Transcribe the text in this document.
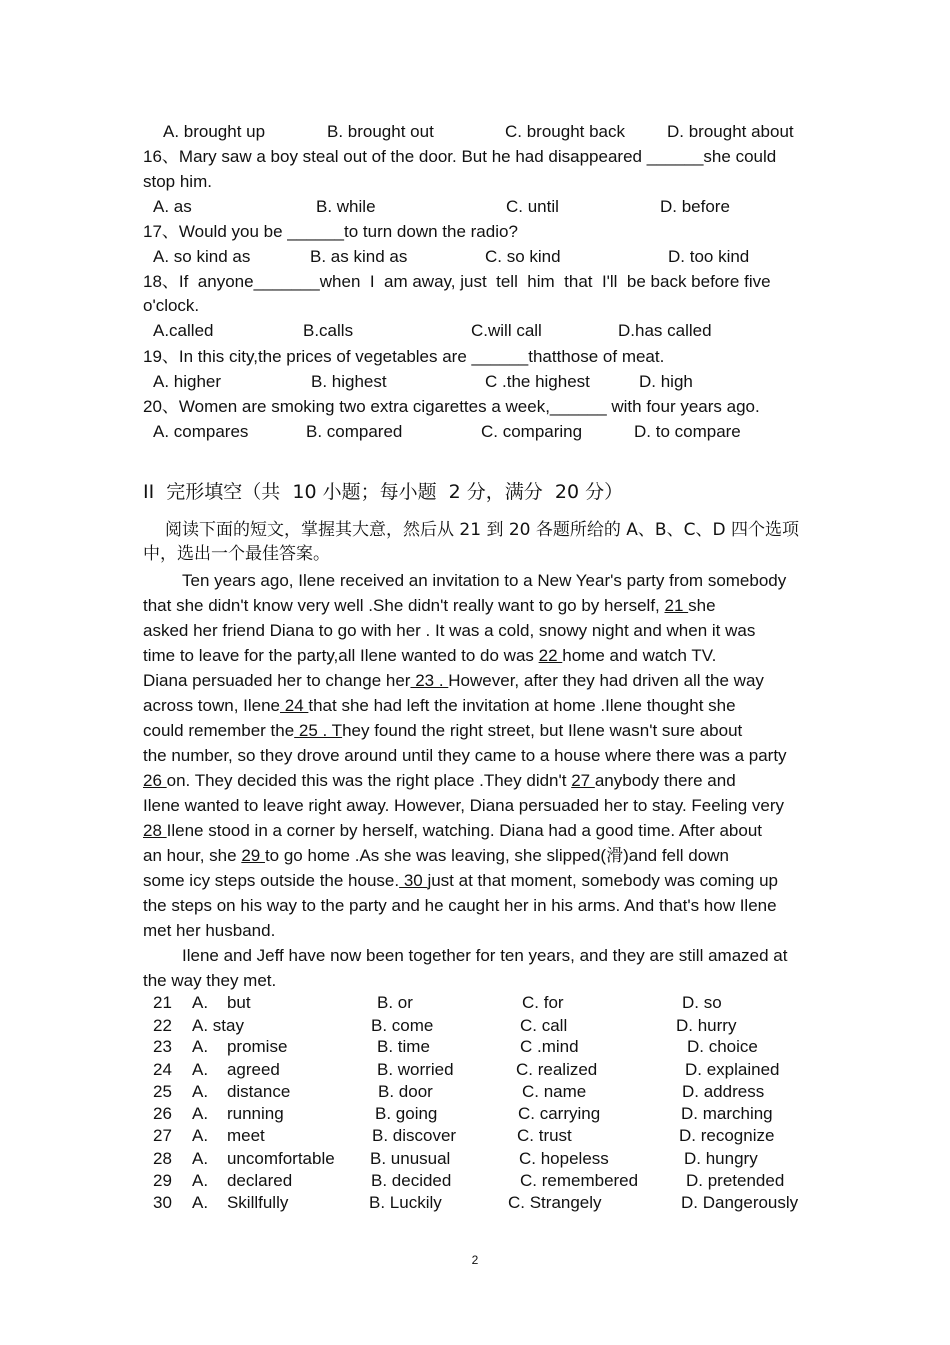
A. brought up	B. brought out	C. brought back D. brought about
16、Mary saw a boy steal out of the door. But he had disappeared ______she could
stop him.
A. as	B. while	C. until	D. before
17、Would you be ______to turn down the radio?
A. so kind as	B. as kind as	C. so kind	D. too kind
18、If  anyone_______when  I  am away, just  tell  him  that  I'll  be back before five
o'clock.
A.called	B.calls	C.will call	D.has called
19、In this city,the prices of vegetables are ______thatthose of meat.
A. higher	B. highest	C .the highest	D. high
20、Women are smoking two extra cigarettes a week,______ with four years ago.
A. compares	B. compared	C. comparing	D. to compare
II  完形填空（共  10 小题；每小题  2 分，满分  20 分）
阅读下面的短文，掌握其大意，然后从 21 到 20 各题所给的 A、B、C、D 四个选项中，选出一个最佳答案。
Ten years ago, Ilene received an invitation to a New Year's party from somebody
that she didn't know very well .She didn't really want to go by herself, 21 she
asked her friend Diana to go with her . It was a cold, snowy night and when it was
time to leave for the party,all Ilene wanted to do was 22 home and watch TV.
Diana persuaded her to change her 23 . However, after they had driven all the way
across town, Ilene 24 that she had left the invitation at home .Ilene thought she
could remember the 25 . They found the right street, but Ilene wasn't sure about
the number, so they drove around until they came to a house where there was a party
26 on. They decided this was the right place .They didn't 27 anybody there and
Ilene wanted to leave right away. However, Diana persuaded her to stay. Feeling very
28 Ilene stood in a corner by herself, watching. Diana had a good time. After about
an hour, she 29 to go home .As she was leaving, she slipped(滑)and fell down
some icy steps outside the house. 30 just at that moment, somebody was coming up
the steps on his way to the party and he caught her in his arms. And that's how Ilene
met her husband.
Ilene and Jeff have now been together for ten years, and they are still amazed at
the way they met.
21 A.    but	B. or	C. for	D. so
22 A. stay	B. come	C. call	D. hurry
23 A.    promise	B. time	C .mind	D. choice
24 A.    agreed	B. worried	C. realized	D. explained
25 A.    distance	B. door	C. name	D. address
26 A.    running	B. going	C. carrying	D. marching
27 A.    meet	B. discover	C. trust	D. recognize
28 A.    uncomfortable B. unusual	C. hopeless	D. hungry
29 A.    declared	B. decided	C. remembered	D. pretended
30 A.    Skillfully	B. Luckily	C. Strangely	D. Dangerously
2
